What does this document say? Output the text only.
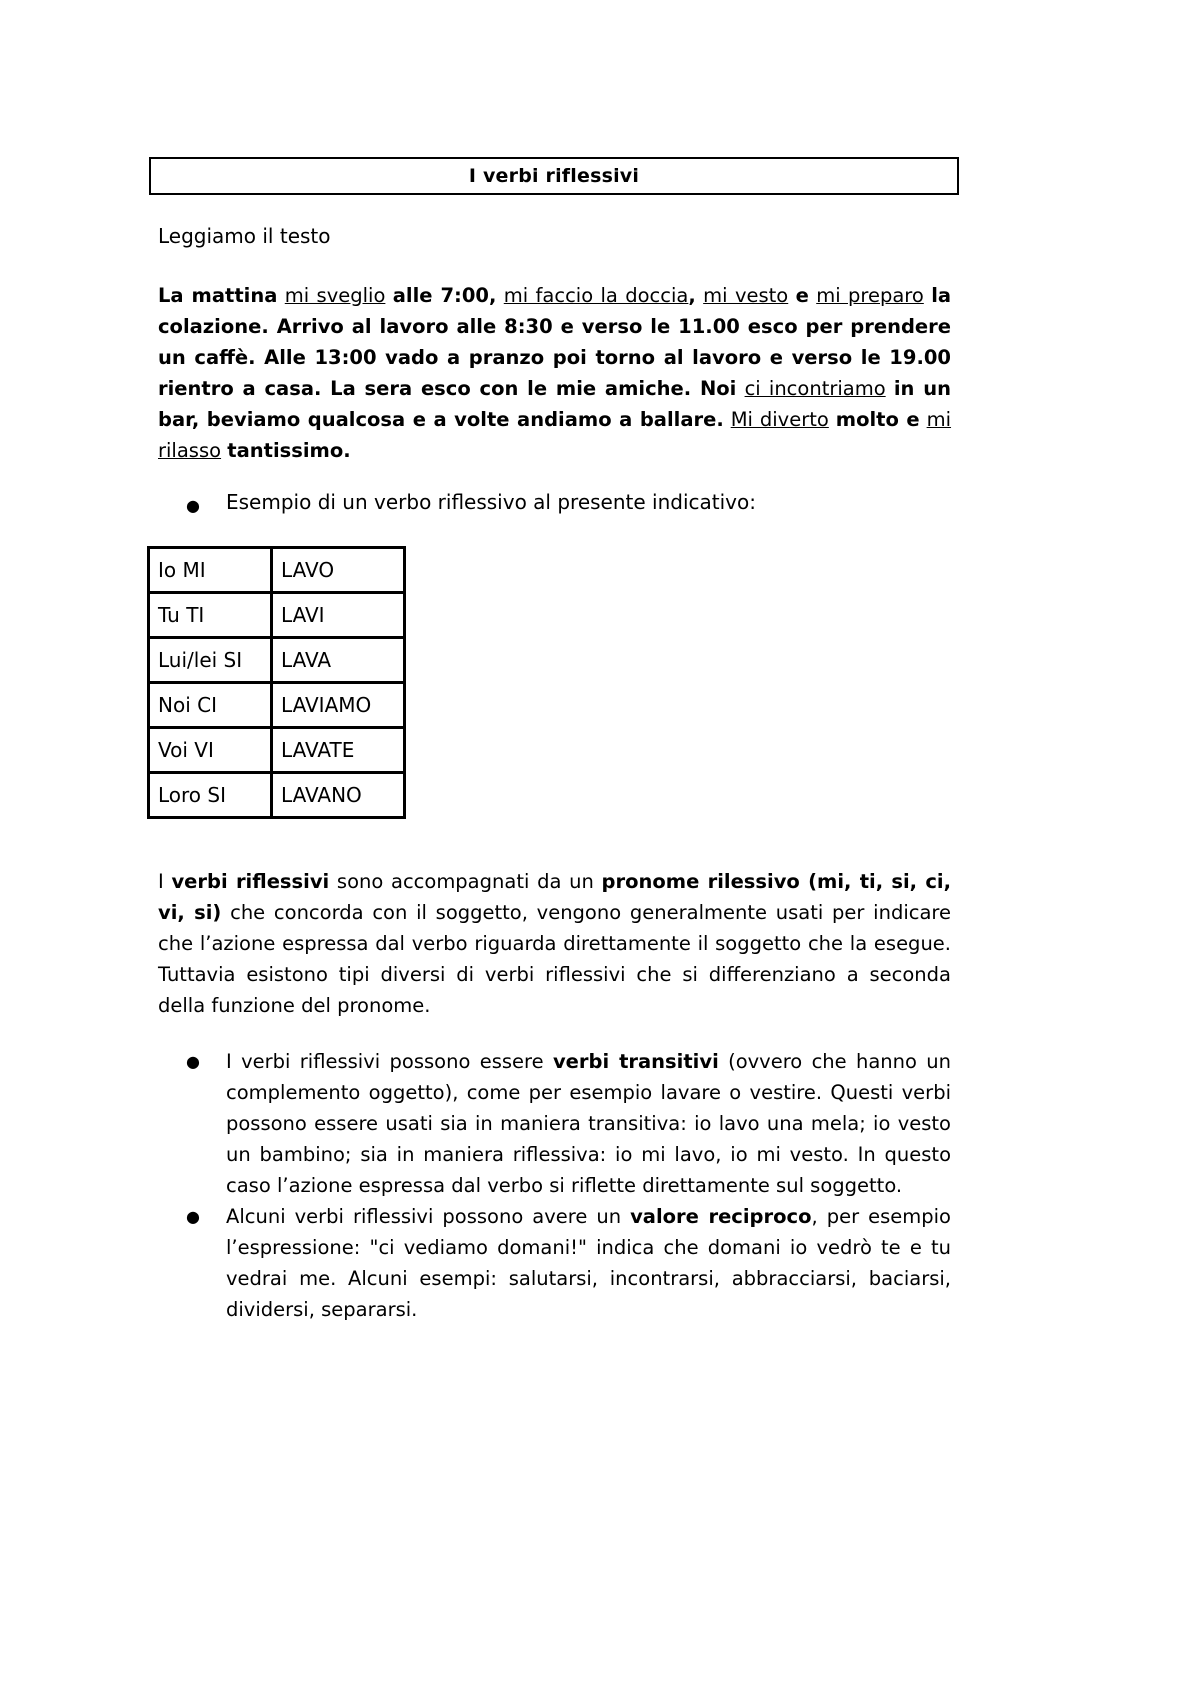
I verbi riflessivi
Leggiamo il testo
La mattina mi sveglio alle 7:00, mi faccio la doccia, mi vesto e mi preparo la colazione. Arrivo al lavoro alle 8:30 e verso le 11.00 esco per prendere un caffè. Alle 13:00 vado a pranzo poi torno al lavoro e verso le 19.00 rientro a casa. La sera esco con le mie amiche. Noi ci incontriamo in un bar, beviamo qualcosa e a volte andiamo a ballare. Mi diverto molto e mi rilasso tantissimo.
●	Esempio di un verbo riflessivo al presente indicativo:
Io MI	LAVO
Tu TI	LAVI
Lui/lei SI	LAVA
Noi CI	LAVIAMO
Voi VI	LAVATE
Loro SI	LAVANO
I verbi riflessivi sono accompagnati da un pronome rilessivo (mi, ti, si, ci, vi, si) che concorda con il soggetto, vengono generalmente usati per indicare che l’azione espressa dal verbo riguarda direttamente il soggetto che la esegue. Tuttavia esistono tipi diversi di verbi riflessivi che si differenziano a seconda della funzione del pronome.
●	I verbi riflessivi possono essere verbi transitivi (ovvero che hanno un complemento oggetto), come per esempio lavare o vestire. Questi verbi possono essere usati sia in maniera transitiva: io lavo una mela; io vesto un bambino; sia in maniera riflessiva: io mi lavo, io mi vesto. In questo caso l’azione espressa dal verbo si riflette direttamente sul soggetto.
●	Alcuni verbi riflessivi possono avere un valore reciproco, per esempio l’espressione: "ci vediamo domani!" indica che domani io vedrò te e tu vedrai me. Alcuni esempi: salutarsi, incontrarsi, abbracciarsi, baciarsi, dividersi, separarsi.
